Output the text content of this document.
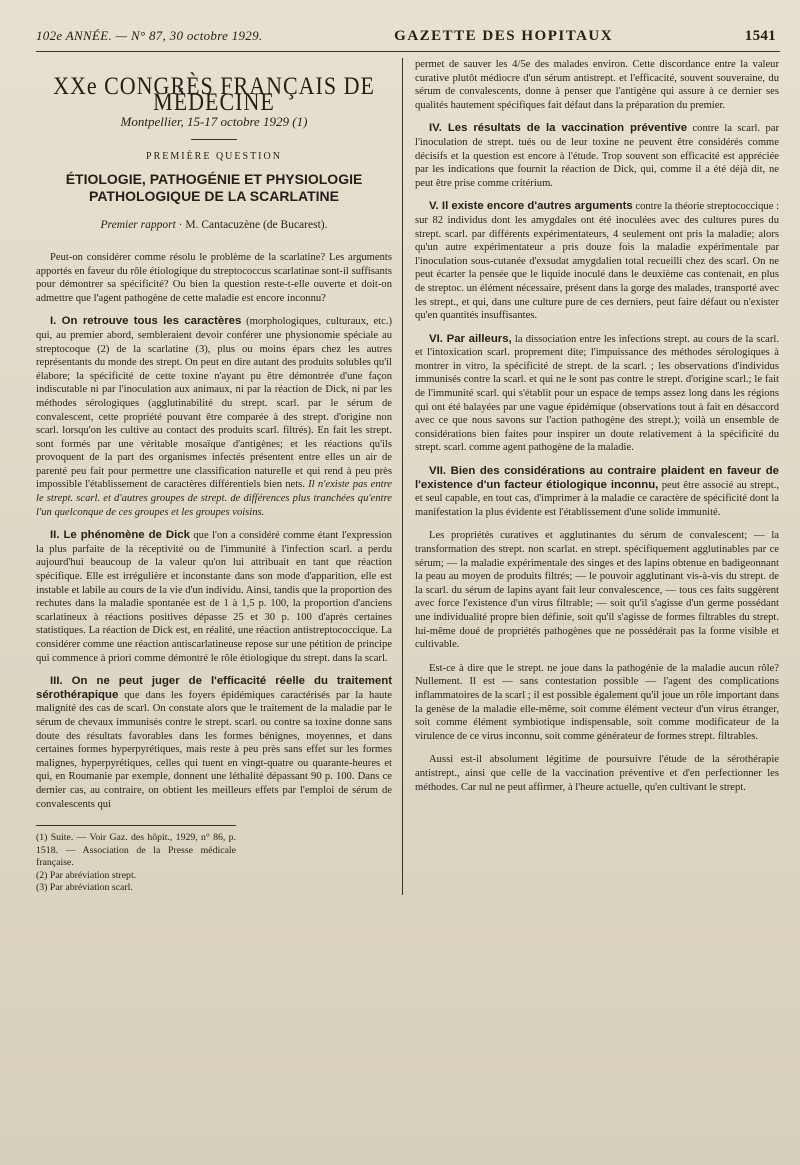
102e ANNÉE. — N° 87, 30 octobre 1929.	GAZETTE DES HOPITAUX	1541
XXe CONGRÈS FRANÇAIS DE MÉDECINE
Montpellier, 15-17 octobre 1929 (1)
PREMIÈRE QUESTION
ÉTIOLOGIE, PATHOGÉNIE ET PHYSIOLOGIE PATHOLOGIQUE DE LA SCARLATINE
Premier rapport · M. Cantacuzène (de Bucarest).

Peut-on considérer comme résolu le problème de la scarlatine? Les arguments apportés en faveur du rôle étiologique du streptococcus scarlatinae sont-il suffisants pour démontrer sa spécificité? Ou bien la question reste-t-elle ouverte et doit-on admettre que l'agent pathogène de cette maladie est encore inconnu?

I. On retrouve tous les caractères (morphologiques, culturaux, etc.) qui, au premier abord, sembleraient devoir conférer une physionomie spéciale au streptocoque (2) de la scarlatine (3), plus ou moins épars chez les autres représentants du monde des strept. On peut en dire autant des produits solubles qu'il élabore; la spécificité de cette toxine n'ayant pu être démontrée d'une façon indiscutable ni par l'inoculation aux animaux, ni par la réaction de Dick, ni par les méthodes sérologiques (agglutinabilité du strept. scarl. par le sérum de convalescent, cette propriété pouvant être comparée à des strept. d'origine non scarl. lorsqu'on les cultive au contact des produits scarl. filtrés). En fait les strept. sont formés par une véritable mosaïque d'antigènes; et les réactions qu'ils provoquent de la part des organismes infectés présentent entre elles un air de parenté peu fait pour permettre une classification naturelle et qui rend à peu près impossible l'établissement de caractères différentiels bien nets. Il n'existe pas entre le strept. scarl. et d'autres groupes de strept. de différences plus tranchées qu'entre l'un quelconque de ces groupes et les groupes voisins.

II. Le phénomène de Dick que l'on a considéré comme étant l'expression la plus parfaite de la réceptivité ou de l'immunité à l'infection scarl. a perdu aujourd'hui beaucoup de la valeur qu'on lui attribuait en tant que réaction spécifique. Elle est irrégulière et inconstante dans son mode d'apparition, elle est instable et labile au cours de la vie d'un individu. Ainsi, tandis que la proportion des rechutes dans la maladie spontanée est de 1 à 1,5 p. 100, la proportion d'anciens scarlatineux à réactions positives dépasse 25 et 30 p. 100 d'après certaines statistiques. La réaction de Dick est, en réalité, une réaction antistreptococcique. La considérer comme une réaction antiscarlatineuse repose sur une pétition de principe qui commence à priori comme démontré le rôle étiologique du strept. dans la scarl.

III. On ne peut juger de l'efficacité réelle du traitement sérothérapique que dans les foyers épidémiques caractérisés par la haute malignité des cas de scarl. On constate alors que le traitement de la maladie par le sérum de chevaux immunisés contre le strept. scarl. ou contre sa toxine donne sans doute des résultats favorables dans les formes bénignes, moyennes, et dans certaines formes hyperpyrétiques, mais reste à peu près sans effet sur les formes malignes, hyperpyrétiques, celles qui tuent en vingt-quatre ou quarante-heures et qui, en Roumanie par exemple, donnent une léthalité dépassant 90 p. 100. Dans ce dernier cas, au contraire, on obtient les meilleurs effets par l'emploi de sérum de convalescents qui

(1) Suite. — Voir Gaz. des hôpit., 1929, n° 86, p. 1518. — Association de la Presse médicale française.
(2) Par abréviation strept.
(3) Par abréviation scarl.

permet de sauver les 4/5e des malades environ. Cette discordance entre la valeur curative plutôt médiocre d'un sérum antistrept. et l'efficacité, souvent souveraine, du sérum de convalescents, donne à penser que l'antigène qui assure à ce dernier ses qualités hautement spécifiques fait défaut dans la préparation du premier.

IV. Les résultats de la vaccination préventive contre la scarl. par l'inoculation de strept. tués ou de leur toxine ne peuvent être considérés comme décisifs et la question est encore à l'étude. Trop souvent son efficacité est appréciée par les indications que fournit la réaction de Dick, qui, comme il a été déjà dit, ne peut être prise comme critérium.

V. Il existe encore d'autres arguments contre la théorie streptococcique : sur 82 individus dont les amygdales ont été inoculées avec des cultures pures du strept. scarl. par différents expérimentateurs, 4 seulement ont pris la maladie; alors qu'un autre expérimentateur a pris douze fois la maladie expérimentale par l'inoculation sous-cutanée d'exsudat amygdalien total recueilli chez des scarl. On ne peut écarter la pensée que le liquide inoculé dans le deuxième cas contenait, en plus de streptoc. un élément nécessaire, présent dans la gorge des malades, transporté avec les strept., et qui, dans une culture pure de ces derniers, peut faire défaut ou n'exister qu'en quantités insuffisantes.

VI. Par ailleurs, la dissociation entre les infections strept. au cours de la scarl. et l'intoxication scarl. proprement dite; l'impuissance des méthodes sérologiques à montrer in vitro, la spécificité de strept. de la scarl. ; les observations d'individus immunisés contre la scarl. et qui ne le sont pas contre le strept. d'origine scarl.; le fait de l'immunité scarl. qui s'établit pour un espace de temps assez long dans les régions qui ont été balayées par une vague épidémique (observations tout à fait en désaccord avec ce que nous savons sur l'action pathogène des strept.); voilà un ensemble de considérations bien faites pour inspirer un doute relativement à la spécificité du strept. scarl. comme agent pathogène de la maladie.

VII. Bien des considérations au contraire plaident en faveur de l'existence d'un facteur étiologique inconnu, peut être associé au strept., et seul capable, en tout cas, d'imprimer à la maladie ce caractère de spécificité dont la manifestation la plus évidente est l'établissement d'une solide immunité.

Les propriétés curatives et agglutinantes du sérum de convalescent; — la transformation des strept. non scarlat. en strept. spécifiquement agglutinables par ce sérum; — la maladie expérimentale des singes et des lapins obtenue en badigeonnant la peau au moyen de produits filtrés; — le pouvoir agglutinant vis-à-vis du strept. de la scarl. du sérum de lapins ayant fait leur convalescence, — tous ces faits suggèrent avec force l'existence d'un virus filtrable; — soit qu'il s'agisse d'un germe possédant une individualité propre bien définie, soit qu'il s'agisse de formes filtrables du strept. lui-même doué de propriétés pathogènes que ne possédérait pas la forme visible et cultivable.

Est-ce à dire que le strept. ne joue dans la pathogénie de la maladie aucun rôle? Nullement. Il est — sans contestation possible — l'agent des complications inflammatoires de la scarl ; il est possible également qu'il joue un rôle important dans la genèse de la maladie elle-même, soit comme élément vecteur d'un virus étranger, soit comme élément symbiotique indispensable, soit comme modificateur de la virulence de ce virus inconnu, soit comme générateur de formes strept. filtrables.

Aussi est-il absolument légitime de poursuivre l'étude de la sérothérapie antistrept., ainsi que celle de la vaccination préventive et d'en perfectionner les méthodes. Car nul ne peut affirmer, à l'heure actuelle, qu'en cultivant le strept.
